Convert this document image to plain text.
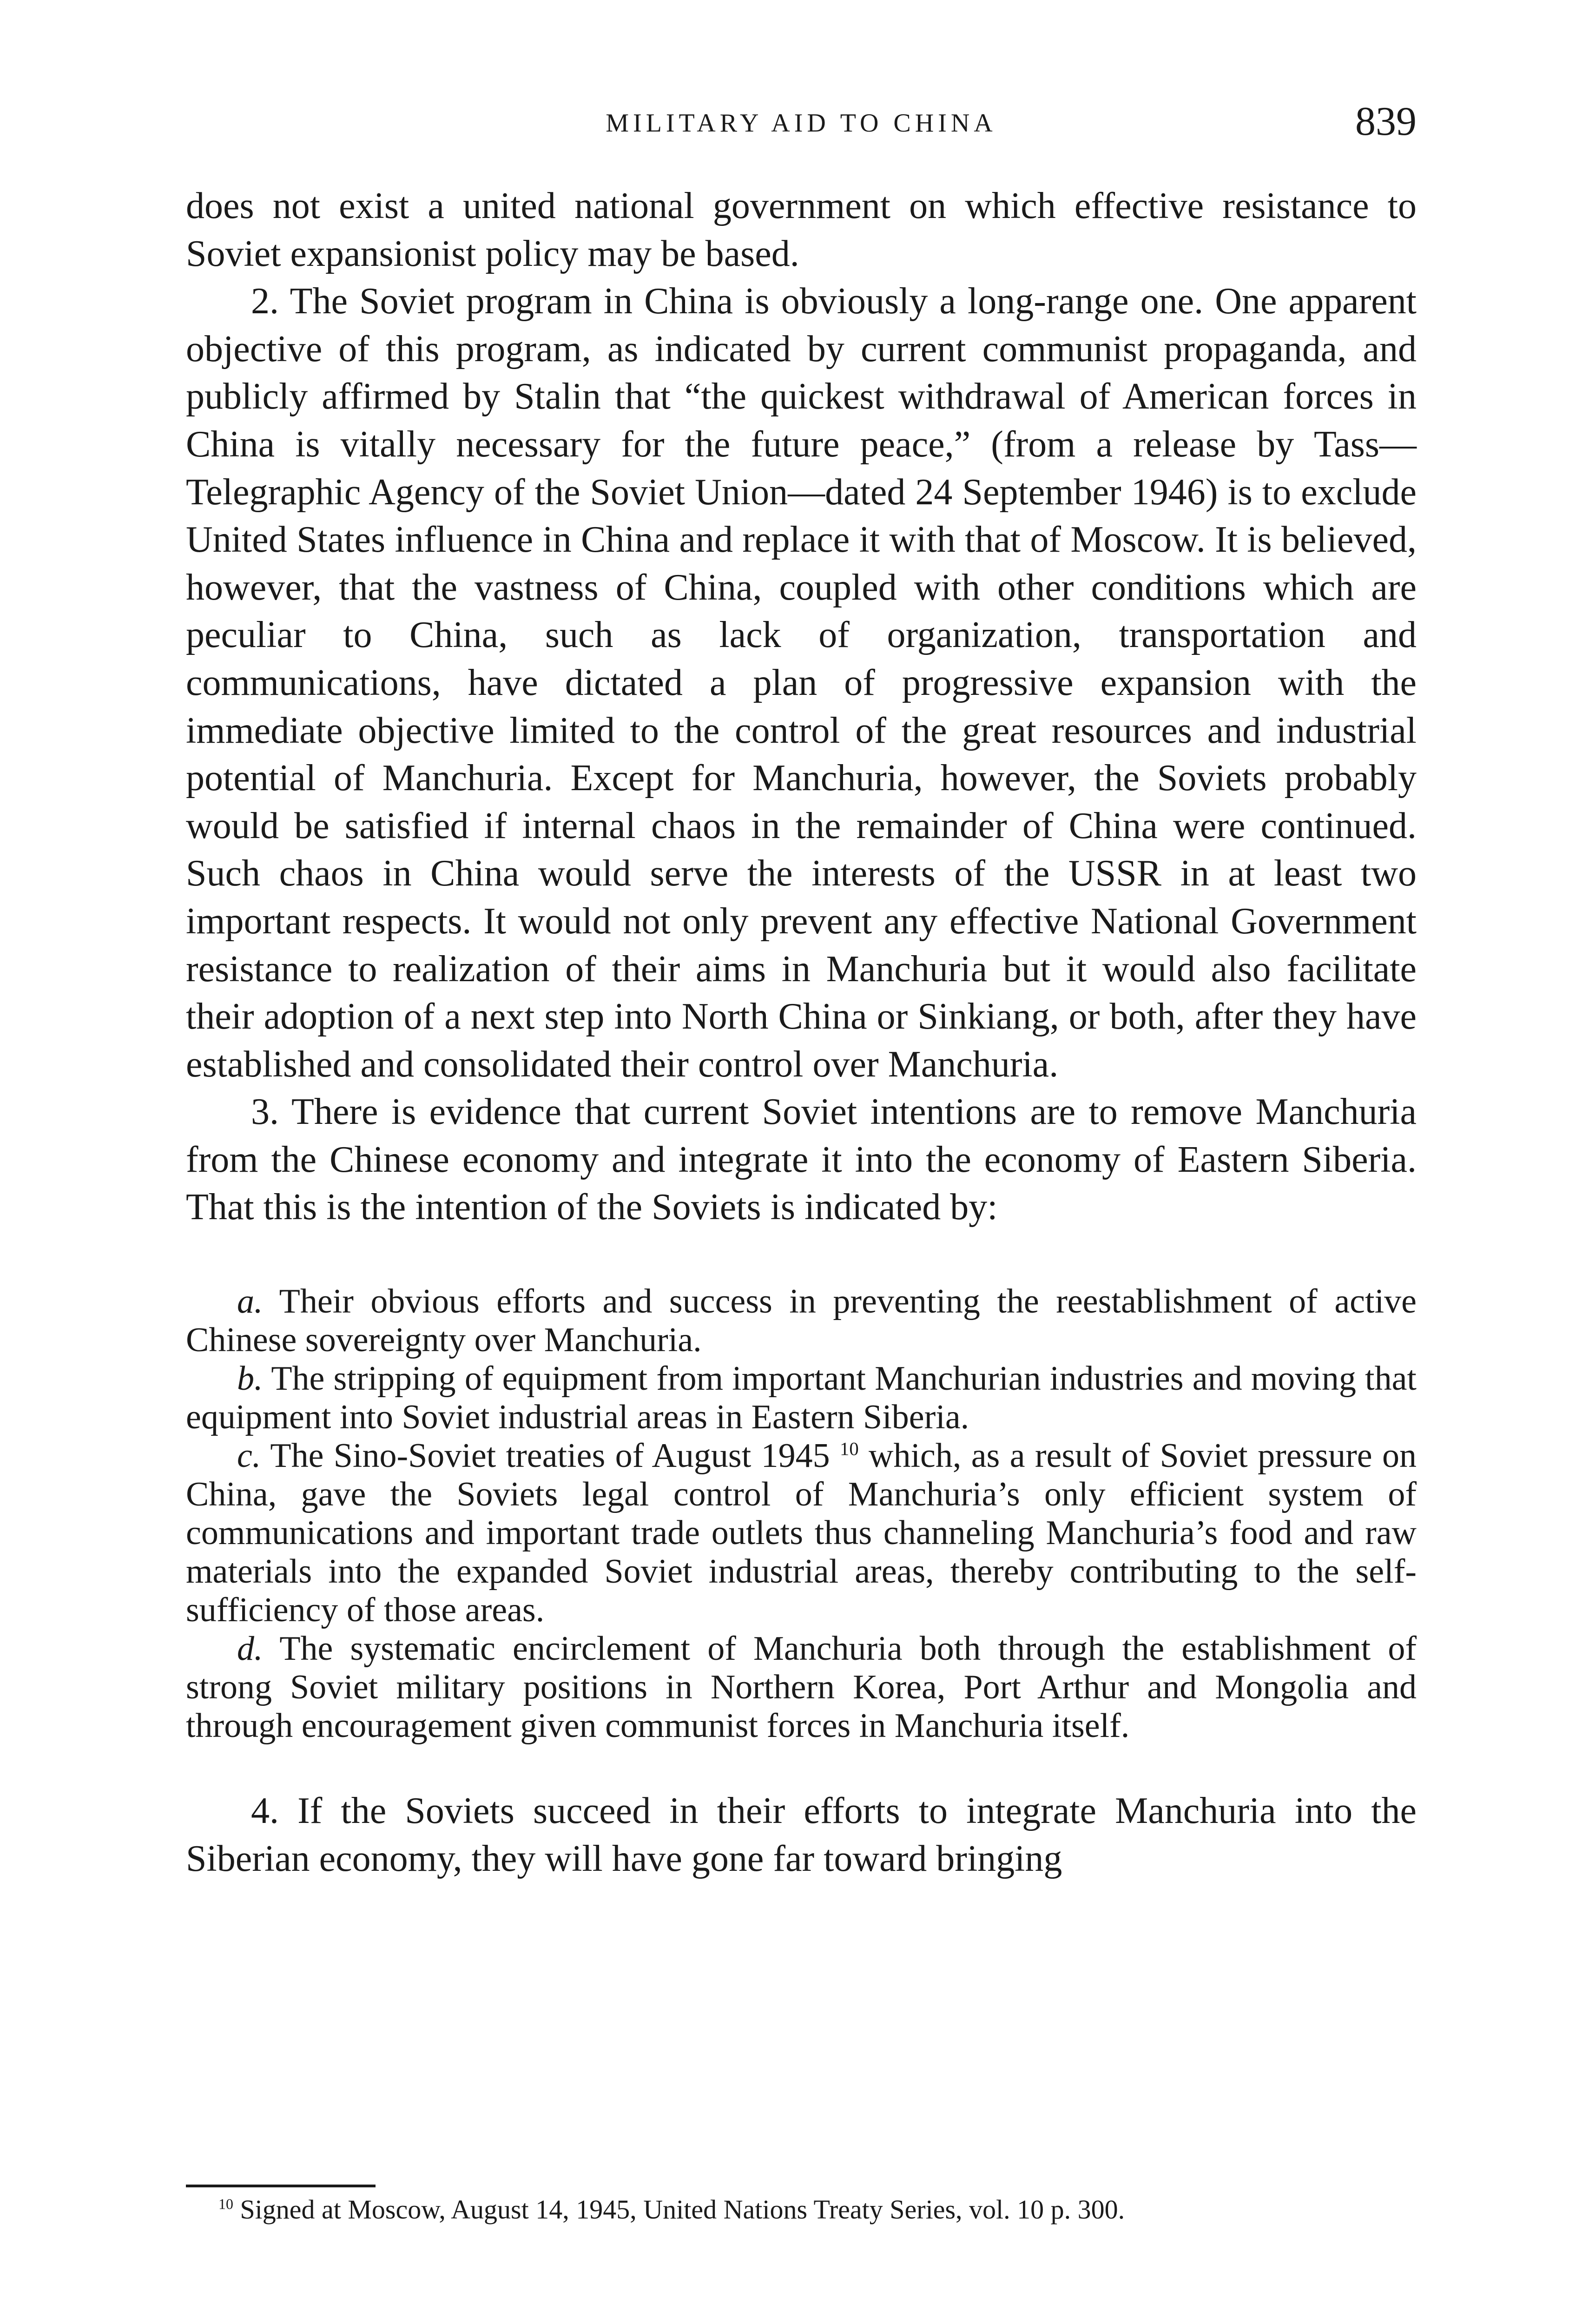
MILITARY AID TO CHINA	839

does not exist a united national government on which effective resistance to Soviet expansionist policy may be based.

2. The Soviet program in China is obviously a long-range one. One apparent objective of this program, as indicated by current communist propaganda, and publicly affirmed by Stalin that “the quickest withdrawal of American forces in China is vitally necessary for the future peace,” (from a release by Tass—Telegraphic Agency of the Soviet Union—dated 24 September 1946) is to exclude United States influence in China and replace it with that of Moscow. It is believed, however, that the vastness of China, coupled with other conditions which are peculiar to China, such as lack of organization, transportation and communications, have dictated a plan of progressive expansion with the immediate objective limited to the control of the great resources and industrial potential of Manchuria. Except for Manchuria, however, the Soviets probably would be satisfied if internal chaos in the remainder of China were continued. Such chaos in China would serve the interests of the USSR in at least two important respects. It would not only prevent any effective National Government resistance to realization of their aims in Manchuria but it would also facilitate their adoption of a next step into North China or Sinkiang, or both, after they have established and consolidated their control over Manchuria.

3. There is evidence that current Soviet intentions are to remove Manchuria from the Chinese economy and integrate it into the economy of Eastern Siberia. That this is the intention of the Soviets is indicated by:

a. Their obvious efforts and success in preventing the reestablishment of active Chinese sovereignty over Manchuria.

b. The stripping of equipment from important Manchurian industries and moving that equipment into Soviet industrial areas in Eastern Siberia.

c. The Sino-Soviet treaties of August 1945 $^{10}$ which, as a result of Soviet pressure on China, gave the Soviets legal control of Manchuria’s only efficient system of communications and important trade outlets thus channeling Manchuria’s food and raw materials into the expanded Soviet industrial areas, thereby contributing to the self-sufficiency of those areas.

d. The systematic encirclement of Manchuria both through the establishment of strong Soviet military positions in Northern Korea, Port Arthur and Mongolia and through encouragement given communist forces in Manchuria itself.

4. If the Soviets succeed in their efforts to integrate Manchuria into the Siberian economy, they will have gone far toward bringing

$^{10}$ Signed at Moscow, August 14, 1945, United Nations Treaty Series, vol. 10 p. 300.
